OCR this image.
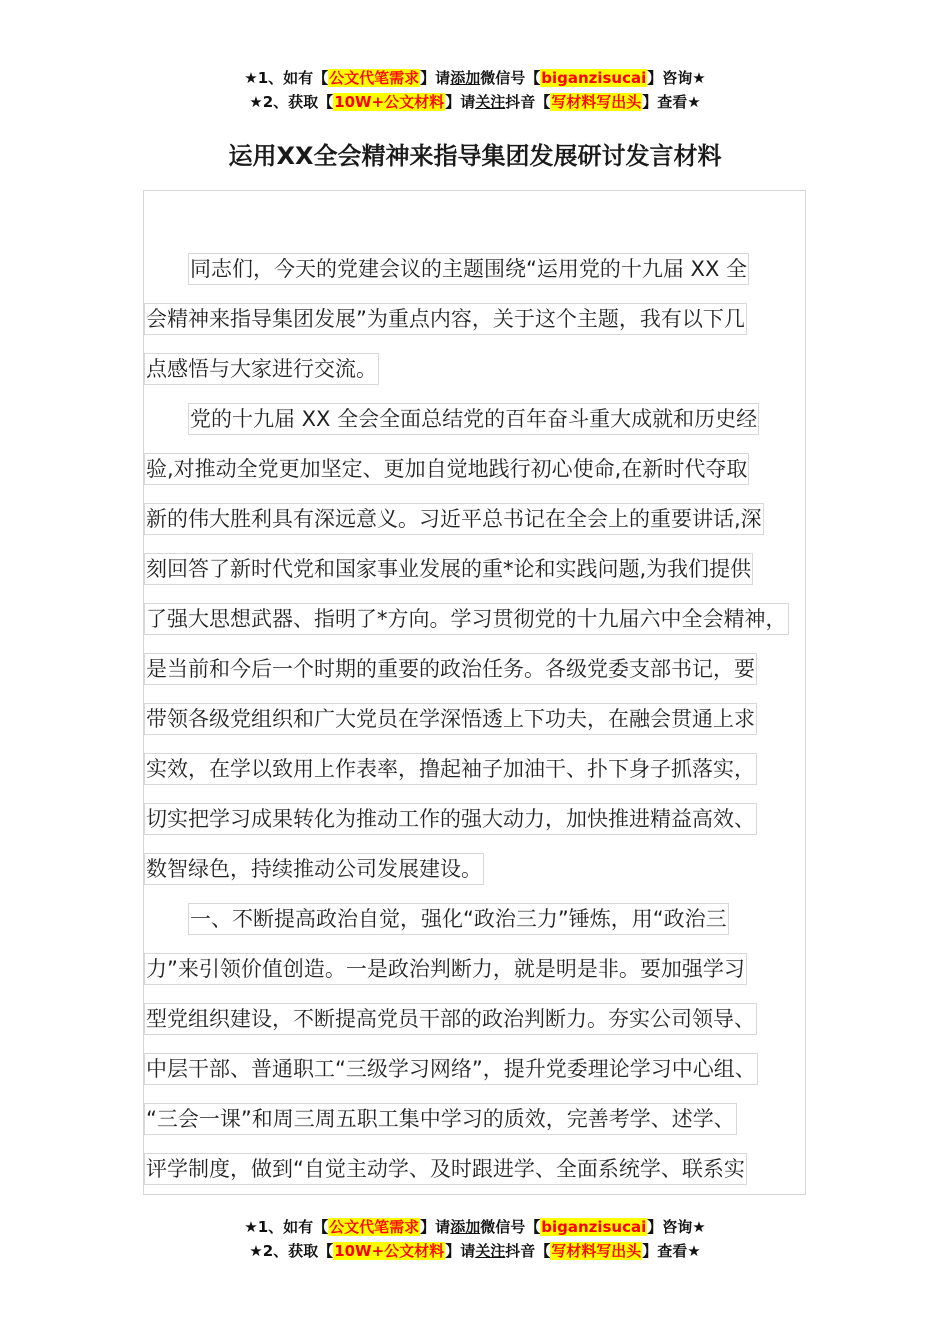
★1、如有【公文代笔需求】请添加微信号【biganzisucai】咨询★
★2、获取【10W+公文材料】请关注抖音【写材料写出头】查看★
运用XX全会精神来指导集团发展研讨发言材料
同志们，今天的党建会议的主题围绕“运用党的十九届 XX 全
会精神来指导集团发展”为重点内容，关于这个主题，我有以下几
点感悟与大家进行交流。
党的十九届 XX 全会全面总结党的百年奋斗重大成就和历史经
验,对推动全党更加坚定、更加自觉地践行初心使命,在新时代夺取
新的伟大胜利具有深远意义。习近平总书记在全会上的重要讲话,深
刻回答了新时代党和国家事业发展的重*论和实践问题,为我们提供
了强大思想武器、指明了*方向。学习贯彻党的十九届六中全会精神，
是当前和今后一个时期的重要的政治任务。各级党委支部书记，要
带领各级党组织和广大党员在学深悟透上下功夫，在融会贯通上求
实效，在学以致用上作表率，撸起袖子加油干、扑下身子抓落实，
切实把学习成果转化为推动工作的强大动力，加快推进精益高效、
数智绿色，持续推动公司发展建设。
一、不断提高政治自觉，强化“政治三力”锤炼，用“政治三
力”来引领价值创造。一是政治判断力，就是明是非。要加强学习
型党组织建设，不断提高党员干部的政治判断力。夯实公司领导、
中层干部、普通职工“三级学习网络”，提升党委理论学习中心组、
“三会一课”和周三周五职工集中学习的质效，完善考学、述学、
评学制度，做到“自觉主动学、及时跟进学、全面系统学、联系实
★1、如有【公文代笔需求】请添加微信号【biganzisucai】咨询★
★2、获取【10W+公文材料】请关注抖音【写材料写出头】查看★
